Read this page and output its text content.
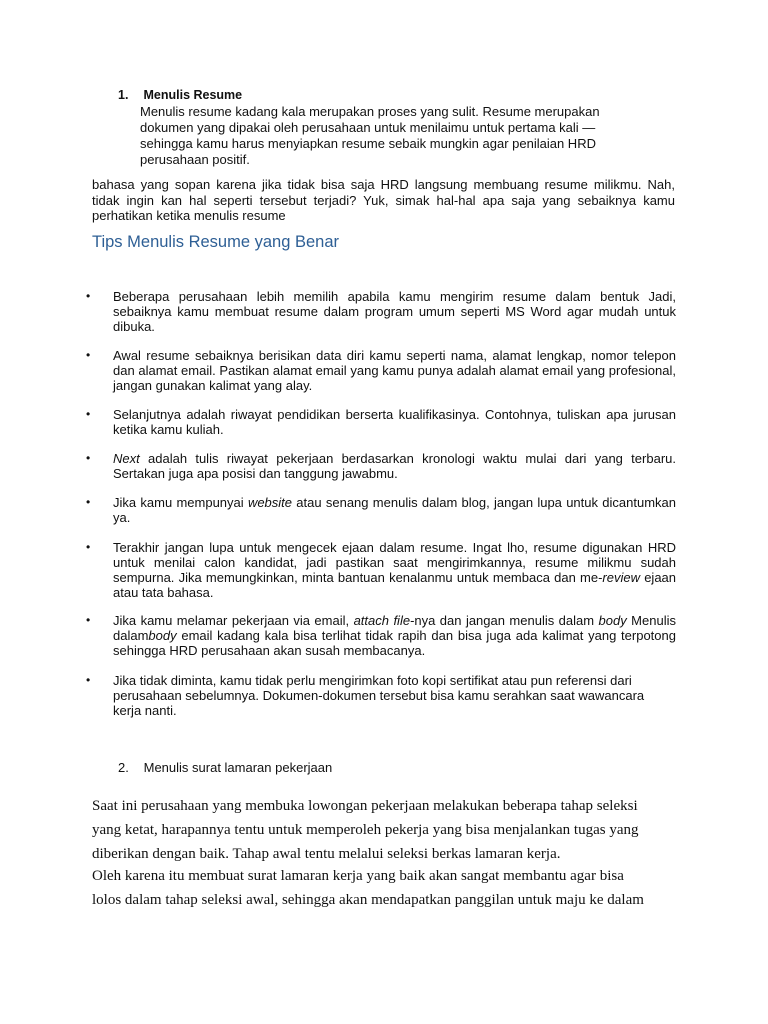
1. Menulis Resume

Menulis resume kadang kala merupakan proses yang sulit. Resume merupakan

dokumen yang dipakai oleh perusahaan untuk menilaimu untuk pertama kali —

sehingga kamu harus menyiapkan resume sebaik mungkin agar penilaian HRD

perusahaan positif.

bahasa yang sopan karena jika tidak bisa saja HRD langsung membuang resume milikmu. Nah, tidak ingin kan hal seperti tersebut terjadi? Yuk, simak hal-hal apa saja yang sebaiknya kamu perhatikan ketika menulis resume

Tips Menulis Resume yang Benar
• Beberapa perusahaan lebih memilih apabila kamu mengirim resume dalam bentuk Jadi, sebaiknya kamu membuat resume dalam program umum seperti MS Word agar mudah untuk dibuka.
• Awal resume sebaiknya berisikan data diri kamu seperti nama, alamat lengkap, nomor telepon dan alamat email. Pastikan alamat email yang kamu punya adalah alamat email yang profesional, jangan gunakan kalimat yang alay.
• Selanjutnya adalah riwayat pendidikan berserta kualifikasinya. Contohnya, tuliskan apa jurusan ketika kamu kuliah.
• Next adalah tulis riwayat pekerjaan berdasarkan kronologi waktu mulai dari yang terbaru. Sertakan juga apa posisi dan tanggung jawabmu.
• Jika kamu mempunyai website atau senang menulis dalam blog, jangan lupa untuk dicantumkan ya.
• Terakhir jangan lupa untuk mengecek ejaan dalam resume. Ingat lho, resume digunakan HRD untuk menilai calon kandidat, jadi pastikan saat mengirimkannya, resume milikmu sudah sempurna. Jika memungkinkan, minta bantuan kenalanmu untuk membaca dan me-review ejaan atau tata bahasa.
• Jika kamu melamar pekerjaan via email, attach file-nya dan jangan menulis dalam body Menulis dalambody email kadang kala bisa terlihat tidak rapih dan bisa juga ada kalimat yang terpotong sehingga HRD perusahaan akan susah membacanya.
• Jika tidak diminta, kamu tidak perlu mengirimkan foto kopi sertifikat atau pun referensi dari

perusahaan sebelumnya. Dokumen-dokumen tersebut bisa kamu serahkan saat wawancara

kerja nanti.

2. Menulis surat lamaran pekerjaan

Saat ini perusahaan yang membuka lowongan pekerjaan melakukan beberapa tahap seleksi

yang ketat, harapannya tentu untuk memperoleh pekerja yang bisa menjalankan tugas yang

diberikan dengan baik. Tahap awal tentu melalui seleksi berkas lamaran kerja.

Oleh karena itu membuat surat lamaran kerja yang baik akan sangat membantu agar bisa

lolos dalam tahap seleksi awal, sehingga akan mendapatkan panggilan untuk maju ke dalam
